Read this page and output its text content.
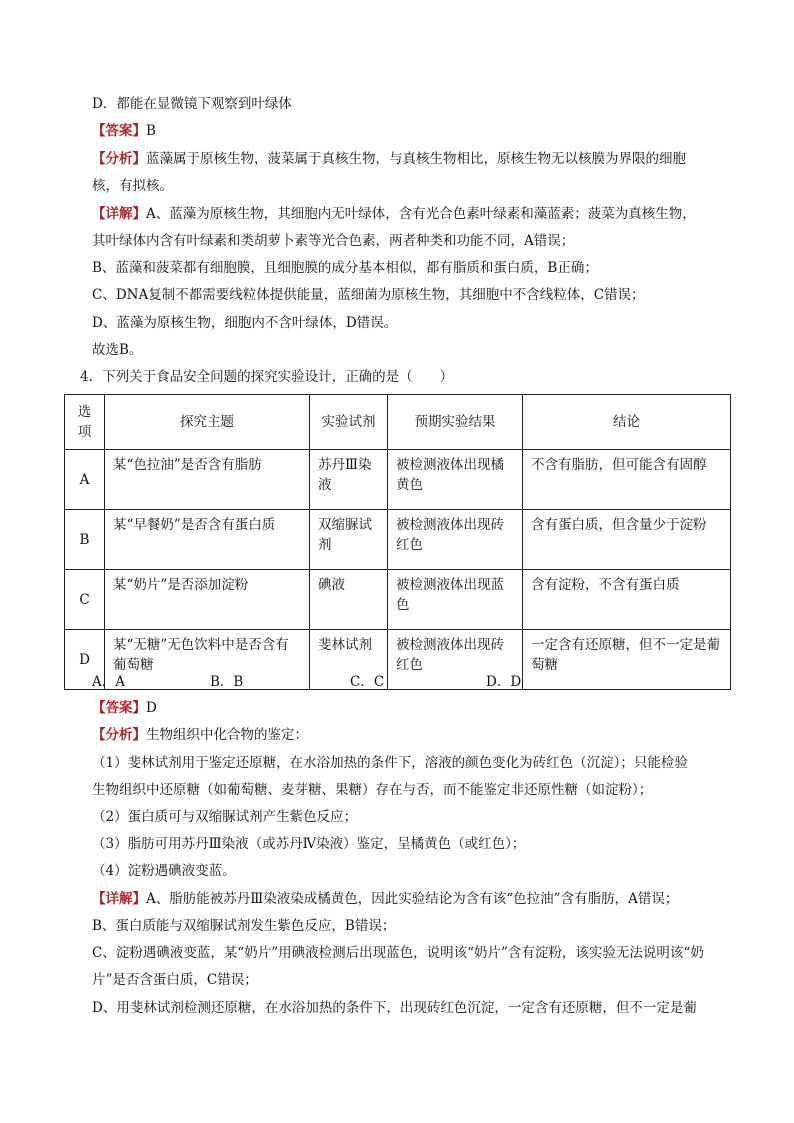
D．都能在显微镜下观察到叶绿体
【答案】B
【分析】蓝藻属于原核生物，菠菜属于真核生物，与真核生物相比，原核生物无以核膜为界限的细胞
核，有拟核。
【详解】A、蓝藻为原核生物，其细胞内无叶绿体，含有光合色素叶绿素和藻蓝素；菠菜为真核生物，
其叶绿体内含有叶绿素和类胡萝卜素等光合色素，两者种类和功能不同，A错误；
B、蓝藻和菠菜都有细胞膜，且细胞膜的成分基本相似，都有脂质和蛋白质，B正确；
C、DNA复制不都需要线粒体提供能量，蓝细菌为原核生物，其细胞中不含线粒体，C错误；
D、蓝藻为原核生物，细胞内不含叶绿体，D错误。
故选B。
4．下列关于食品安全问题的探究实验设计，正确的是（　　）
选项	探究主题	实验试剂	预期实验结果	结论
A	某“色拉油”是否含有脂肪	苏丹Ⅲ染液	被检测液体出现橘黄色	不含有脂肪，但可能含有固醇
B	某“早餐奶”是否含有蛋白质	双缩脲试剂	被检测液体出现砖红色	含有蛋白质，但含量少于淀粉
C	某“奶片”是否添加淀粉	碘液	被检测液体出现蓝色	含有淀粉，不含有蛋白质
D	某“无糖”无色饮料中是否含有葡萄糖	斐林试剂	被检测液体出现砖红色	一定含有还原糖，但不一定是葡萄糖
A．A	B．B	C．C	D．D
【答案】D
【分析】生物组织中化合物的鉴定：
（1）斐林试剂用于鉴定还原糖，在水浴加热的条件下，溶液的颜色变化为砖红色（沉淀）；只能检验
生物组织中还原糖（如葡萄糖、麦芽糖、果糖）存在与否，而不能鉴定非还原性糖（如淀粉）；
（2）蛋白质可与双缩脲试剂产生紫色反应；
（3）脂肪可用苏丹Ⅲ染液（或苏丹Ⅳ染液）鉴定，呈橘黄色（或红色）；
（4）淀粉遇碘液变蓝。
【详解】A、脂肪能被苏丹Ⅲ染液染成橘黄色，因此实验结论为含有该“色拉油”含有脂肪，A错误；
B、蛋白质能与双缩脲试剂发生紫色反应，B错误；
C、淀粉遇碘液变蓝，某“奶片”用碘液检测后出现蓝色，说明该“奶片”含有淀粉，该实验无法说明该“奶
片”是否含蛋白质，C错误；
D、用斐林试剂检测还原糖，在水浴加热的条件下，出现砖红色沉淀，一定含有还原糖，但不一定是葡
